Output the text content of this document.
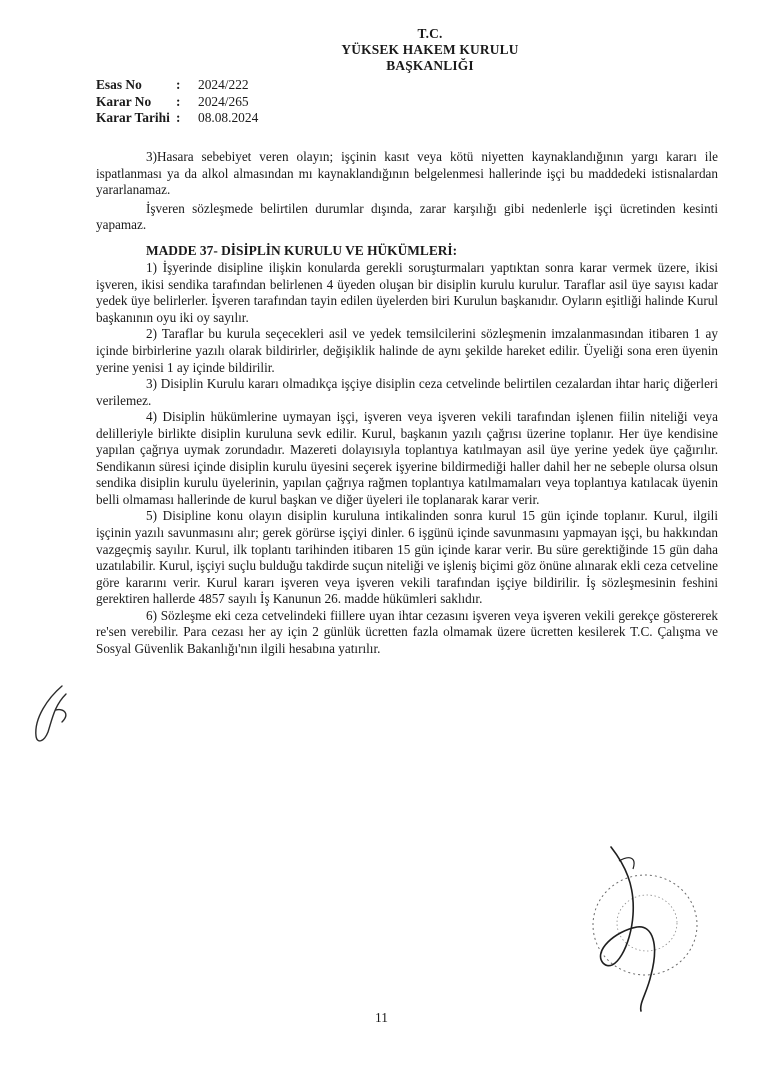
T.C.
YÜKSEK HAKEM KURULU
BAŞKANLIĞI
Esas No	:	2024/222
Karar No	:	2024/265
Karar Tarihi :	08.08.2024

3)Hasara sebebiyet veren olayın; işçinin kasıt veya kötü niyetten kaynaklandığının yargı kararı ile ispatlanması ya da alkol almasından mı kaynaklandığının belgelenmesi hallerinde işçi bu maddedeki istisnalardan yararlanamaz.

İşveren sözleşmede belirtilen durumlar dışında, zarar karşılığı gibi nedenlerle işçi ücretinden kesinti yapamaz.

MADDE 37- DİSİPLİN KURULU VE HÜKÜMLERİ:

1) İşyerinde disipline ilişkin konularda gerekli soruşturmaları yaptıktan sonra karar vermek üzere, ikisi işveren, ikisi sendika tarafından belirlenen 4 üyeden oluşan bir disiplin kurulu kurulur. Taraflar asil üye sayısı kadar yedek üye belirlerler. İşveren tarafından tayin edilen üyelerden biri Kurulun başkanıdır. Oyların eşitliği halinde Kurul başkanının oyu iki oy sayılır.

2) Taraflar bu kurula seçecekleri asil ve yedek temsilcilerini sözleşmenin imzalanmasından itibaren 1 ay içinde birbirlerine yazılı olarak bildirirler, değişiklik halinde de aynı şekilde hareket edilir. Üyeliği sona eren üyenin yerine yenisi 1 ay içinde bildirilir.

3) Disiplin Kurulu kararı olmadıkça işçiye disiplin ceza cetvelinde belirtilen cezalardan ihtar hariç diğerleri verilemez.

4) Disiplin hükümlerine uymayan işçi, işveren veya işveren vekili tarafından işlenen fiilin niteliği veya delilleriyle birlikte disiplin kuruluna sevk edilir. Kurul, başkanın yazılı çağrısı üzerine toplanır. Her üye kendisine yapılan çağrıya uymak zorundadır. Mazereti dolayısıyla toplantıya katılmayan asil üye yerine yedek üye çağırılır. Sendikanın süresi içinde disiplin kurulu üyesini seçerek işyerine bildirmediği haller dahil her ne sebeple olursa olsun sendika disiplin kurulu üyelerinin, yapılan çağrıya rağmen toplantıya katılmamaları veya toplantıya katılacak üyenin belli olmaması hallerinde de kurul başkan ve diğer üyeleri ile toplanarak karar verir.

5) Disipline konu olayın disiplin kuruluna intikalinden sonra kurul 15 gün içinde toplanır. Kurul, ilgili işçinin yazılı savunmasını alır; gerek görürse işçiyi dinler. 6 işgünü içinde savunmasını yapmayan işçi, bu hakkından vazgeçmiş sayılır. Kurul, ilk toplantı tarihinden itibaren 15 gün içinde karar verir. Bu süre gerektiğinde 15 gün daha uzatılabilir. Kurul, işçiyi suçlu bulduğu takdirde suçun niteliği ve işleniş biçimi göz önüne alınarak ekli ceza cetveline göre kararını verir. Kurul kararı işveren veya işveren vekili tarafından işçiye bildirilir. İş sözleşmesinin feshini gerektiren hallerde 4857 sayılı İş Kanunun 26. madde hükümleri saklıdır.

6) Sözleşme eki ceza cetvelindeki fiillere uyan ihtar cezasını işveren veya işveren vekili gerekçe göstererek re'sen verebilir. Para cezası her ay için 2 günlük ücretten fazla olmamak üzere ücretten kesilerek T.C. Çalışma ve Sosyal Güvenlik Bakanlığı'nın ilgili hesabına yatırılır.

11
